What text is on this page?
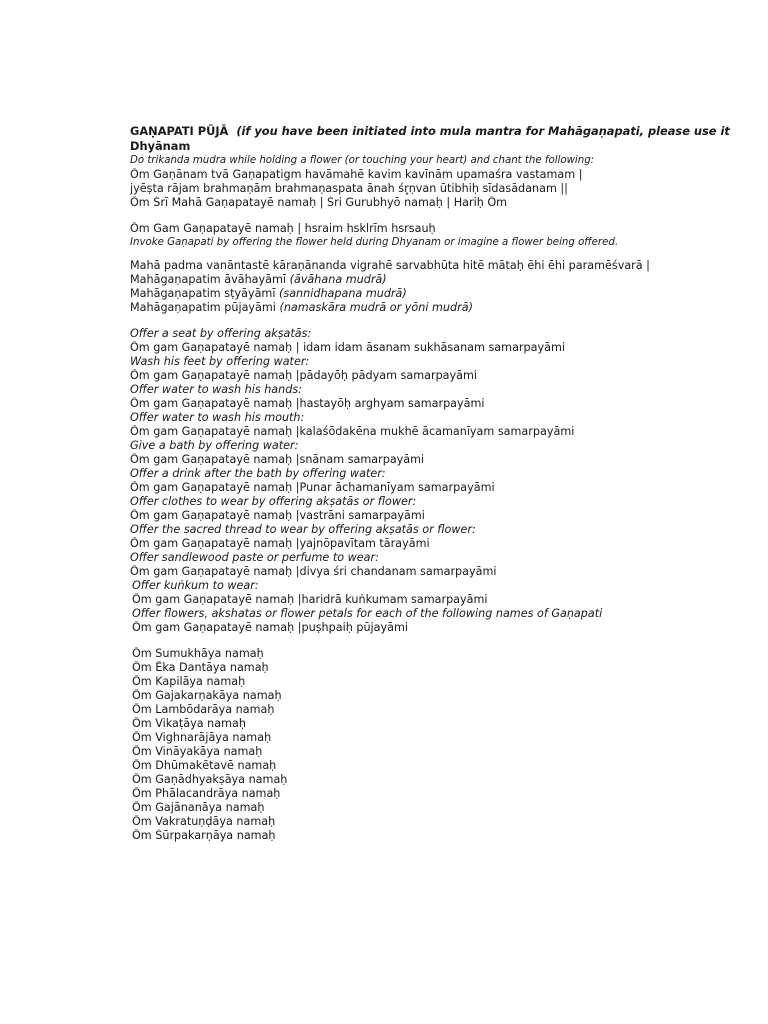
GAṆAPATI PŪJĀ (if you have been initiated into mula mantra for Mahāgaṇapati, please use it
Dhyānam
Do trikanda mudra while holding a flower (or touching your heart) and chant the following:
Ōm Gaṇānam tvā Gaṇapatigm havāmahē kavim kavīnām upamaśra vastamam |
jyēṣta rājam brahmaṇām brahmaṇaspata ānah śr̥ṇvan ūtibhiḥ sīdasādanam ||
Ōm Śrī Mahā Gaṇapatayē namaḥ | Śri Gurubhyō namaḥ | Hariḥ Ōm
Ōm Gam Gaṇapatayē namaḥ | hsraim hsklrīm hsrsauḥ
Invoke Gaṇapati by offering the flower held during Dhyanam or imagine a flower being offered.
Mahā padma vanāntastē kāraṇānanda vigrahē sarvabhūta hitē mātaḥ ēhi ēhi paramēśvarā |
Mahāgaṇapatim āvāhayāmī (āvāhana mudrā)
Mahāgaṇapatim sṭyāyāmī (sannidhapana mudrā)
Mahāgaṇapatim pūjayāmi (namaskāra mudrā or yōni mudrā)
Offer a seat by offering akṣatās:
Ōm gam Gaṇapatayē namaḥ | idam idam āsanam sukhāsanam samarpayāmi
Wash his feet by offering water:
Ōm gam Gaṇapatayē namaḥ |pādayōḥ pādyam samarpayāmi
Offer water to wash his hands:
Ōm gam Gaṇapatayē namaḥ |hastayōḥ arghyam samarpayāmi
Offer water to wash his mouth:
Ōm gam Gaṇapatayē namaḥ |kalaśōdakēna mukhē ācamanīyam samarpayāmi
Give a bath by offering water:
Ōm gam Gaṇapatayē namaḥ |snānam samarpayāmi
Offer a drink after the bath by offering water:
Ōm gam Gaṇapatayē namaḥ |Punar āchamanīyam samarpayāmi
Offer clothes to wear by offering akṣatās or flower:
Ōm gam Gaṇapatayē namaḥ |vastrāni samarpayāmi
Offer the sacred thread to wear by offering akṣatās or flower:
Ōm gam Gaṇapatayē namaḥ |yajnōpavītam tārayāmi
Offer sandlewood paste or perfume to wear:
Ōm gam Gaṇapatayē namaḥ |divya śri chandanam samarpayāmi
Offer kuṅkum to wear:
Ōm gam Gaṇapatayē namaḥ |haridrā kuṅkumam samarpayāmi
Offer flowers, akshatas or flower petals for each of the following names of Gaṇapati
Ōm gam Gaṇapatayē namaḥ |puṣhpaiḥ pūjayāmi
Ōm Sumukhāya namaḥ
Ōm Ēka Dantāya namaḥ
Ōm Kapilāya namaḥ
Ōm Gajakarṇakāya namaḥ
Ōm Lambōdarāya namaḥ
Ōm Vikaṭāya namaḥ
Ōm Vighnarājāya namaḥ
Ōm Vināyakāya namaḥ
Ōm Dhūmakētavē namaḥ
Ōm Gaṇādhyakṣāya namaḥ
Ōm Phālacandrāya namaḥ
Ōm Gajānanāya namaḥ
Ōm Vakratuṇḍāya namaḥ
Ōm Śūrpakarṇāya namaḥ
